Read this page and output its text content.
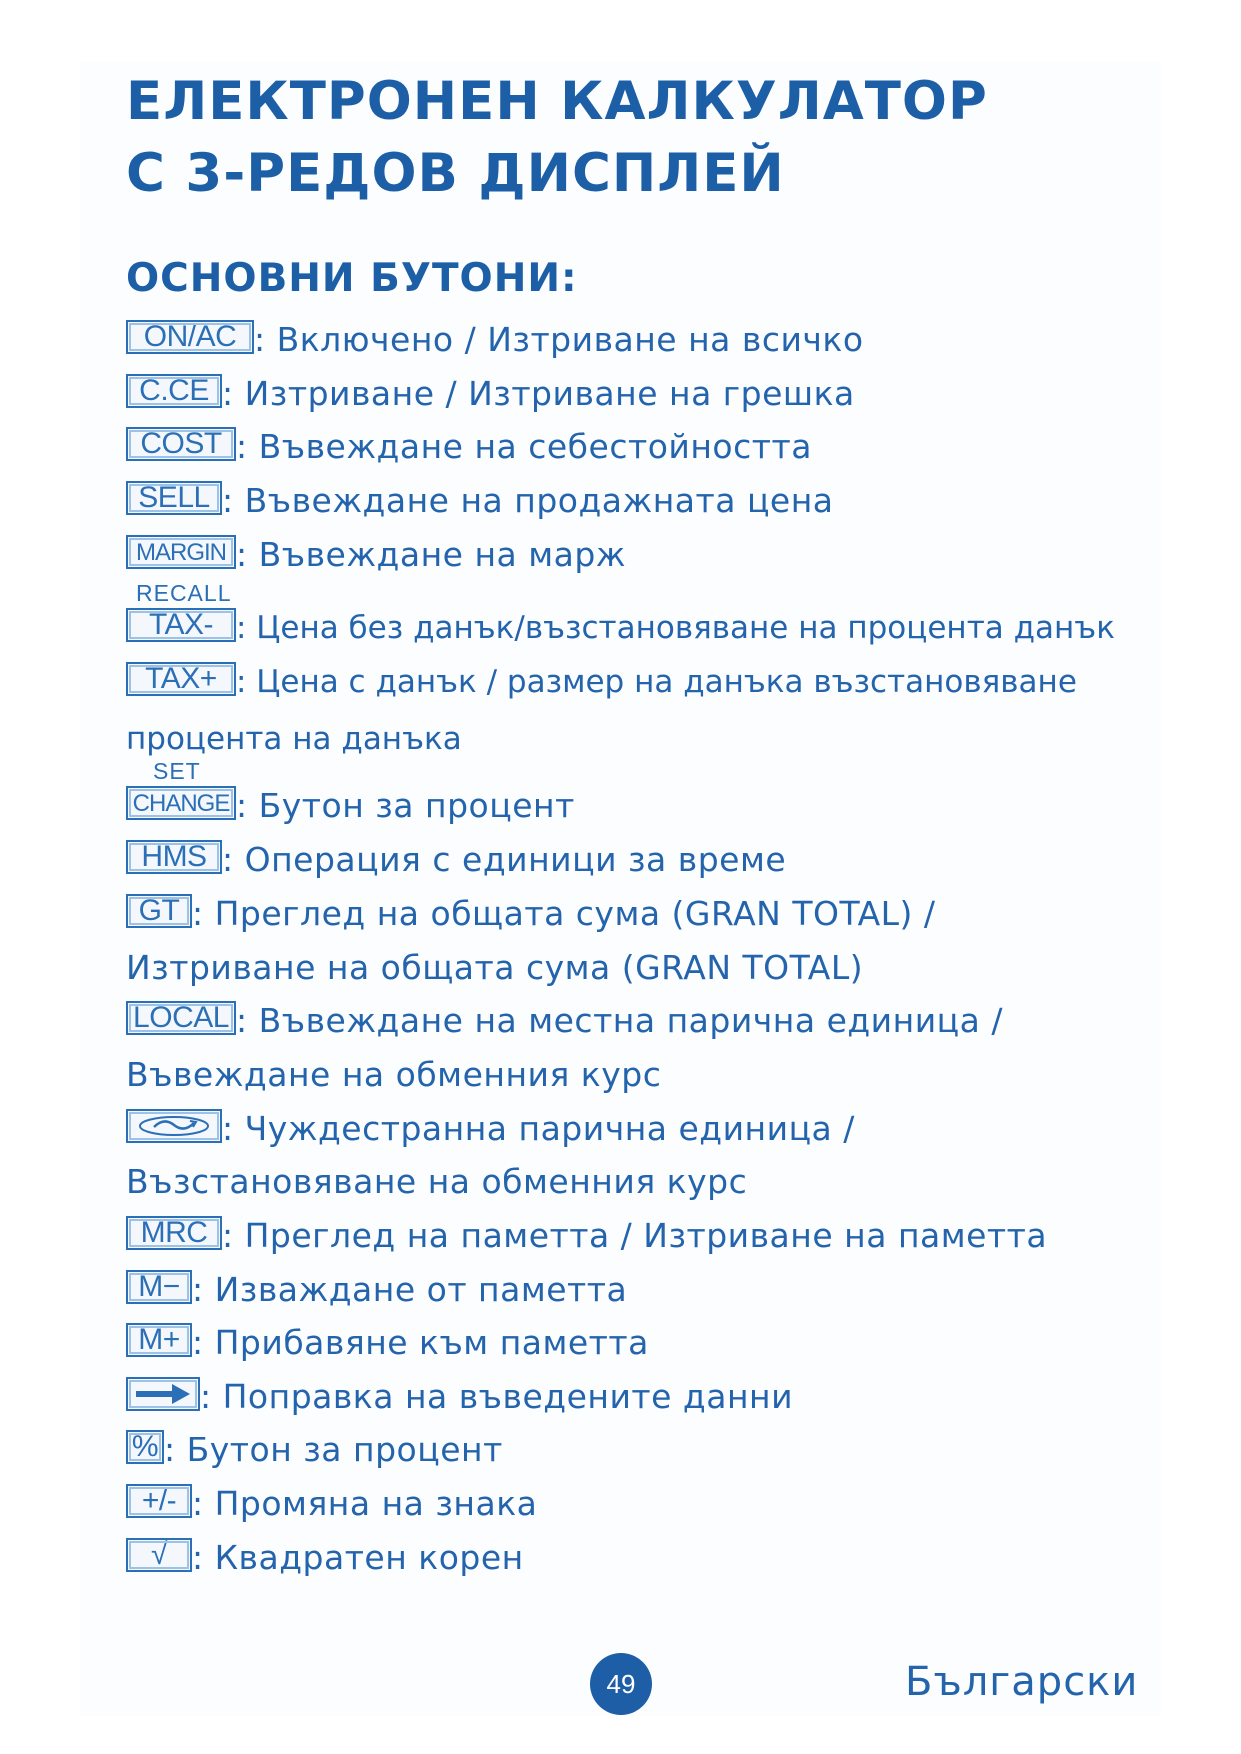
ЕЛЕКТРОНЕН КАЛКУЛАТОР
С 3-РЕДОВ ДИСПЛЕЙ
ОСНОВНИ БУТОНИ:
ON/AC : Включено / Изтриване на всичко
C.CE : Изтриване / Изтриване на грешка
COST : Въвеждане на себестойността
SELL : Въвеждане на продажната цена
MARGIN : Въвеждане на марж
RECALL
TAX- : Цена без данък/възстановяване на процента данък
TAX+ : Цена с данък / размер на данъка възстановяване
процента на данъка
SET
CHANGE : Бутон за процент
HMS : Операция с единици за време
GT : Преглед на общата сума (GRAN TOTAL) /
Изтриване на общата сума (GRAN TOTAL)
LOCAL : Въвеждане на местна парична единица /
Въвеждане на обменния курс
: Чуждестранна парична единица /
Възстановяване на обменния курс
MRC : Преглед на паметта / Изтриване на паметта
M− : Изваждане от паметта
M+ : Прибавяне към паметта
: Поправка на въведените данни
% : Бутон за процент
+/- : Промяна на знака
√ : Квадратен корен
49	Български
